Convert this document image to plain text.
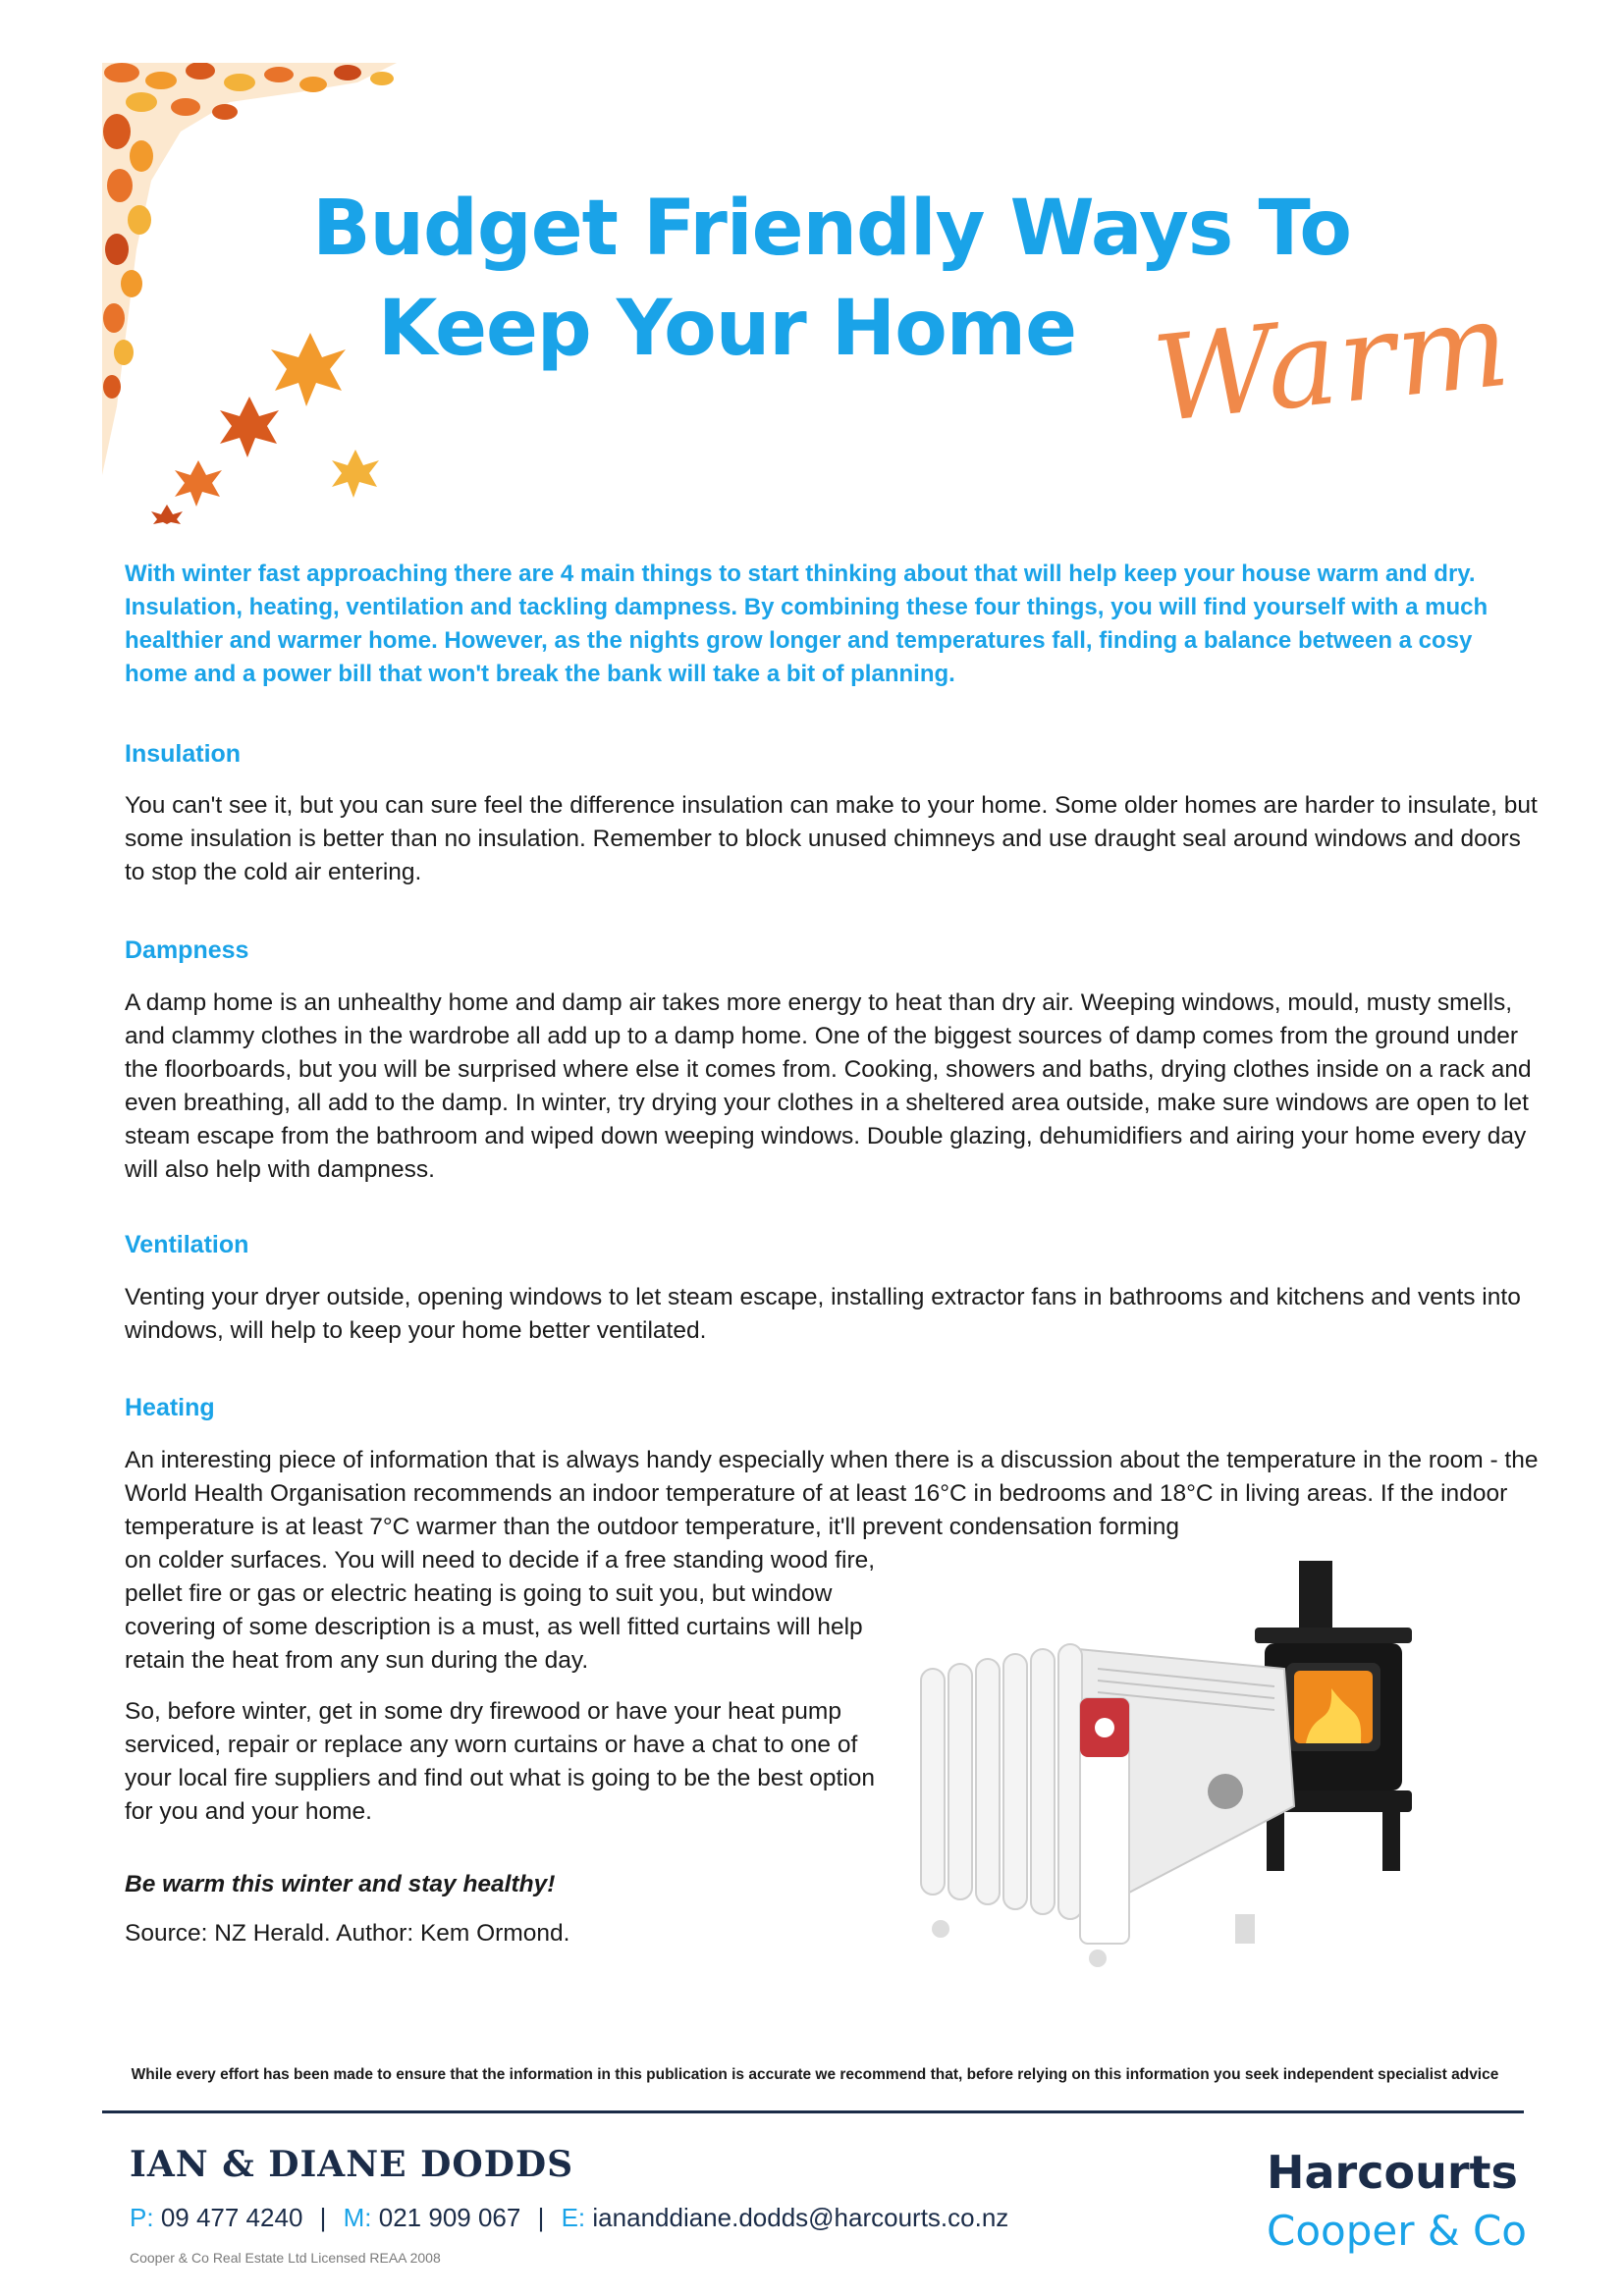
Budget Friendly Ways To
Keep Your Home Warm

With winter fast approaching there are 4 main things to start thinking about that will help keep your house warm and dry. Insulation, heating, ventilation and tackling dampness. By combining these four things, you will find yourself with a much healthier and warmer home. However, as the nights grow longer and temperatures fall, finding a balance between a cosy home and a power bill that won't break the bank will take a bit of planning.

Insulation

You can't see it, but you can sure feel the difference insulation can make to your home. Some older homes are harder to insulate, but some insulation is better than no insulation. Remember to block unused chimneys and use draught seal around windows and doors to stop the cold air entering.

Dampness

A damp home is an unhealthy home and damp air takes more energy to heat than dry air. Weeping windows, mould, musty smells, and clammy clothes in the wardrobe all add up to a damp home. One of the biggest sources of damp comes from the ground under the floorboards, but you will be surprised where else it comes from. Cooking, showers and baths, drying clothes inside on a rack and even breathing, all add to the damp. In winter, try drying your clothes in a sheltered area outside, make sure windows are open to let steam escape from the bathroom and wiped down weeping windows. Double glazing, dehumidifiers and airing your home every day will also help with dampness.

Ventilation

Venting your dryer outside, opening windows to let steam escape, installing extractor fans in bathrooms and kitchens and vents into windows, will help to keep your home better ventilated.

Heating

An interesting piece of information that is always handy especially when there is a discussion about the temperature in the room - the World Health Organisation recommends an indoor temperature of at least 16°C in bedrooms and 18°C in living areas. If the indoor temperature is at least 7°C warmer than the outdoor temperature, it'll prevent condensation forming

on colder surfaces. You will need to decide if a free standing wood fire, pellet fire or gas or electric heating is going to suit you, but window covering of some description is a must, as well fitted curtains will help retain the heat from any sun during the day.

So, before winter, get in some dry firewood or have your heat pump serviced, repair or replace any worn curtains or have a chat to one of your local fire suppliers and find out what is going to be the best option for you and your home.

Be warm this winter and stay healthy!

Source: NZ Herald. Author: Kem Ormond.

While every effort has been made to ensure that the information in this publication is accurate we recommend that, before relying on this information you seek independent specialist advice

IAN & DIANE DODDS

P: 09 477 4240 | M: 021 909 067 | E: iananddiane.dodds@harcourts.co.nz

Cooper & Co Real Estate Ltd Licensed REAA 2008

Harcourts

Cooper & Co
